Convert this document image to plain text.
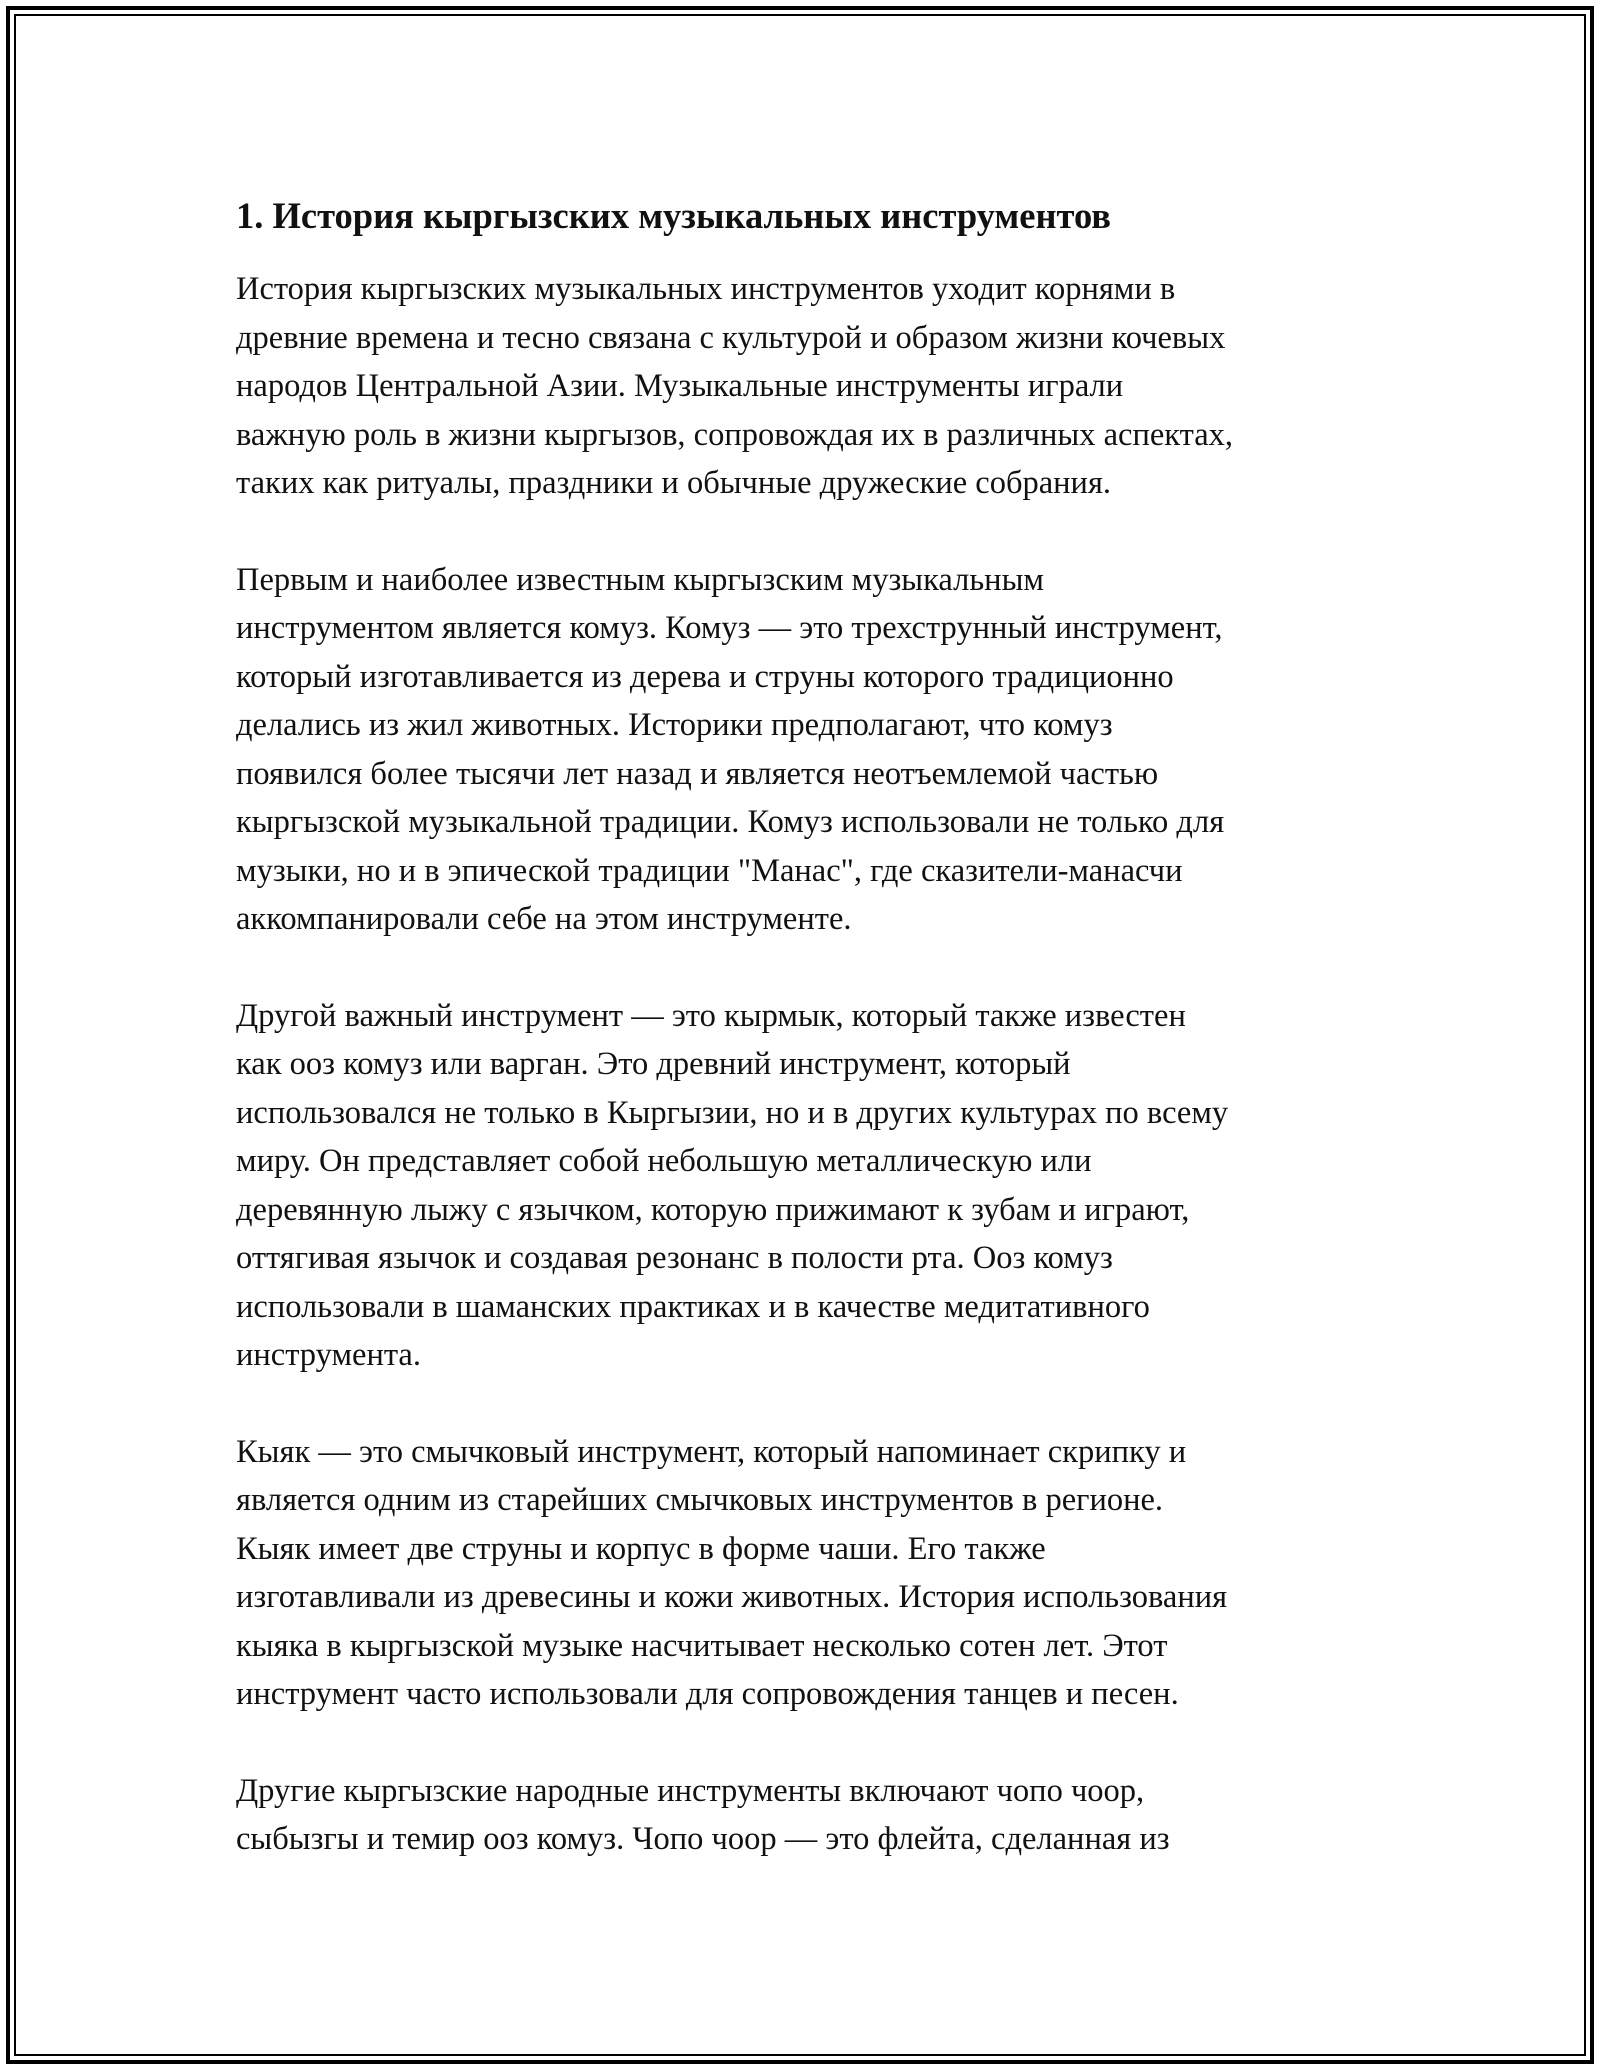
1. История кыргызских музыкальных инструментов

История кыргызских музыкальных инструментов уходит корнями в
древние времена и тесно связана с культурой и образом жизни кочевых
народов Центральной Азии. Музыкальные инструменты играли
важную роль в жизни кыргызов, сопровождая их в различных аспектах,
таких как ритуалы, праздники и обычные дружеские собрания.

Первым и наиболее известным кыргызским музыкальным
инструментом является комуз. Комуз — это трехструнный инструмент,
который изготавливается из дерева и струны которого традиционно
делались из жил животных. Историки предполагают, что комуз
появился более тысячи лет назад и является неотъемлемой частью
кыргызской музыкальной традиции. Комуз использовали не только для
музыки, но и в эпической традиции "Манас", где сказители-манасчи
аккомпанировали себе на этом инструменте.

Другой важный инструмент — это кырмык, который также известен
как ооз комуз или варган. Это древний инструмент, который
использовался не только в Кыргызии, но и в других культурах по всему
миру. Он представляет собой небольшую металлическую или
деревянную лыжу с язычком, которую прижимают к зубам и играют,
оттягивая язычок и создавая резонанс в полости рта. Ооз комуз
использовали в шаманских практиках и в качестве медитативного
инструмента.

Кыяк — это смычковый инструмент, который напоминает скрипку и
является одним из старейших смычковых инструментов в регионе.
Кыяк имеет две струны и корпус в форме чаши. Его также
изготавливали из древесины и кожи животных. История использования
кыяка в кыргызской музыке насчитывает несколько сотен лет. Этот
инструмент часто использовали для сопровождения танцев и песен.

Другие кыргызские народные инструменты включают чопо чоор,
сыбызгы и темир ооз комуз. Чопо чоор — это флейта, сделанная из
